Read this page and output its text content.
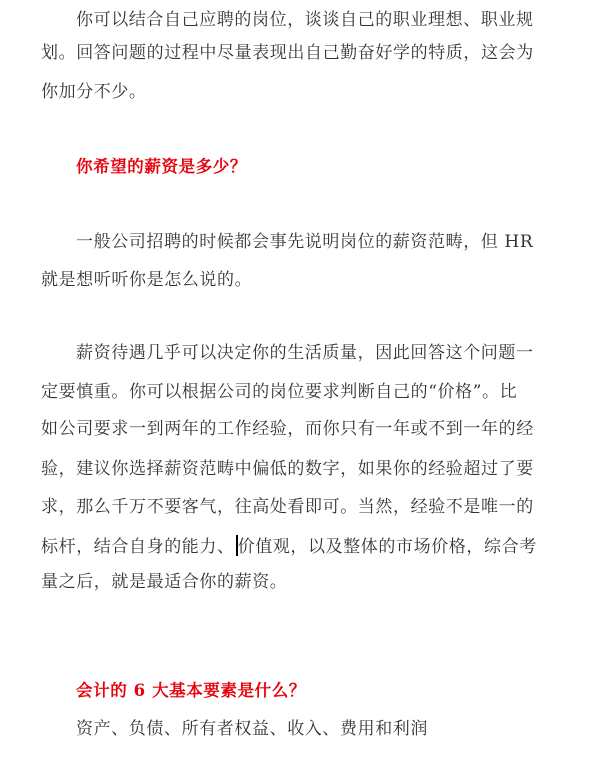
你可以结合自己应聘的岗位，谈谈自己的职业理想、职业规
划。回答问题的过程中尽量表现出自己勤奋好学的特质，这会为
你加分不少。
你希望的薪资是多少？
一般公司招聘的时候都会事先说明岗位的薪资范畴，但 HR
就是想听听你是怎么说的。
薪资待遇几乎可以决定你的生活质量，因此回答这个问题一
定要慎重。你可以根据公司的岗位要求判断自己的“价格”。比
如公司要求一到两年的工作经验，而你只有一年或不到一年的经
验，建议你选择薪资范畴中偏低的数字，如果你的经验超过了要
求，那么千万不要客气，往高处看即可。当然，经验不是唯一的
标杆，结合自身的能力、 价值观，以及整体的市场价格，综合考
量之后，就是最适合你的薪资。
会计的 6 大基本要素是什么？
资产、负债、所有者权益、收入、费用和利润
